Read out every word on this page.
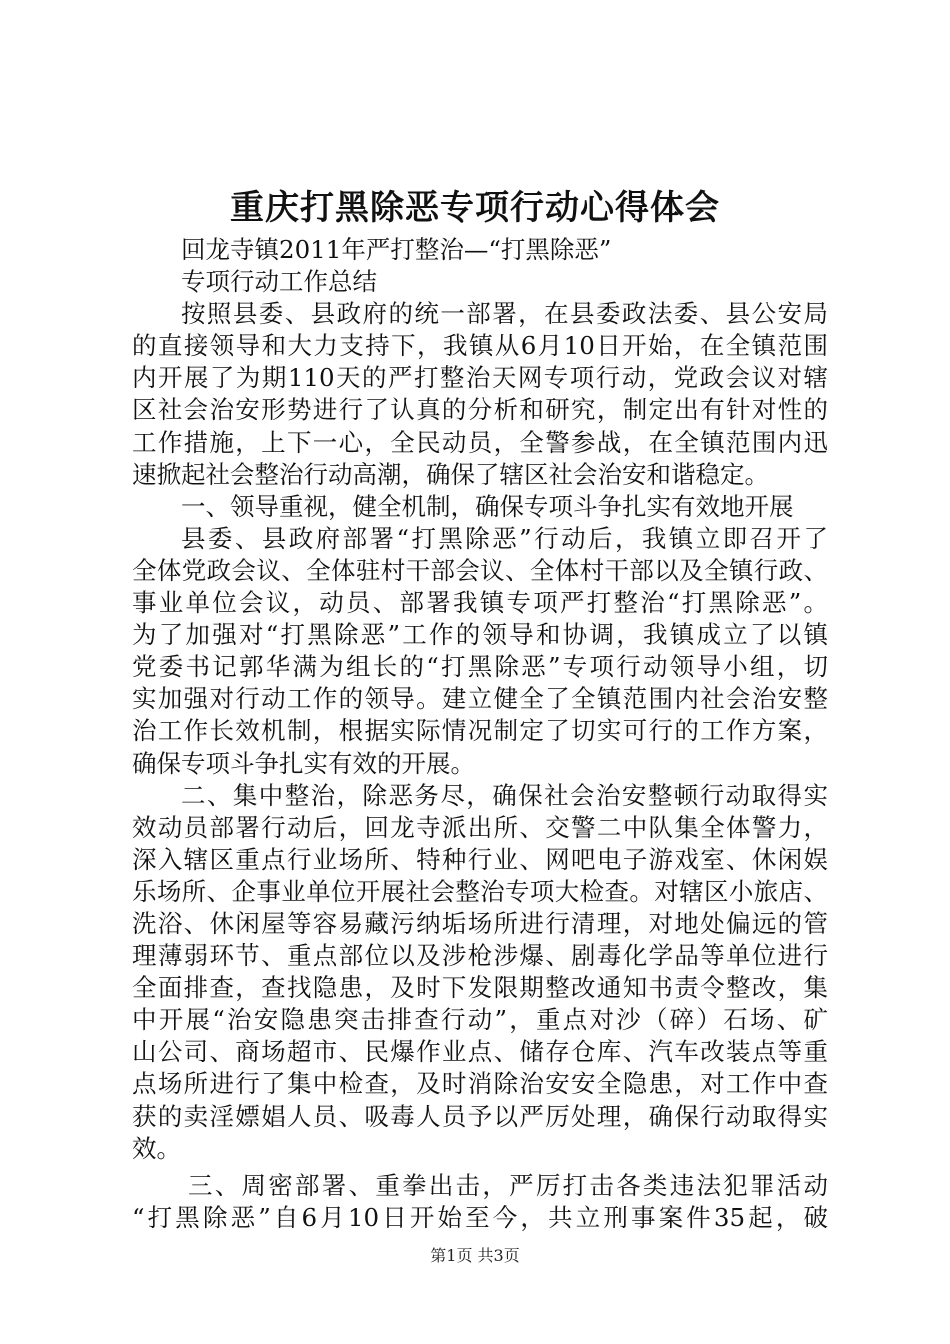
重庆打黑除恶专项行动心得体会
回龙寺镇2011年严打整治—“打黑除恶”
专项行动工作总结
按照县委、县政府的统一部署，在县委政法委、县公安局
的直接领导和大力支持下，我镇从6月10日开始，在全镇范围
内开展了为期110天的严打整治天网专项行动，党政会议对辖
区社会治安形势进行了认真的分析和研究，制定出有针对性的
工作措施，上下一心，全民动员，全警参战，在全镇范围内迅
速掀起社会整治行动高潮，确保了辖区社会治安和谐稳定。
一、领导重视，健全机制，确保专项斗争扎实有效地开展
县委、县政府部署“打黑除恶”行动后，我镇立即召开了
全体党政会议、全体驻村干部会议、全体村干部以及全镇行政、
事业单位会议，动员、部署我镇专项严打整治“打黑除恶”。
为了加强对“打黑除恶”工作的领导和协调，我镇成立了以镇
党委书记郭华满为组长的“打黑除恶”专项行动领导小组，切
实加强对行动工作的领导。建立健全了全镇范围内社会治安整
治工作长效机制，根据实际情况制定了切实可行的工作方案，
确保专项斗争扎实有效的开展。
二、集中整治，除恶务尽，确保社会治安整顿行动取得实
效动员部署行动后，回龙寺派出所、交警二中队集全体警力，
深入辖区重点行业场所、特种行业、网吧电子游戏室、休闲娱
乐场所、企事业单位开展社会整治专项大检查。对辖区小旅店、
洗浴、休闲屋等容易藏污纳垢场所进行清理，对地处偏远的管
理薄弱环节、重点部位以及涉枪涉爆、剧毒化学品等单位进行
全面排查，查找隐患，及时下发限期整改通知书责令整改，集
中开展“治安隐患突击排查行动”，重点对沙（碎）石场、矿
山公司、商场超市、民爆作业点、储存仓库、汽车改装点等重
点场所进行了集中检查，及时消除治安安全隐患，对工作中查
获的卖淫嫖娼人员、吸毒人员予以严厉处理，确保行动取得实
效。
三、周密部署、重拳出击，严厉打击各类违法犯罪活动
“打黑除恶”自6月10日开始至今，共立刑事案件35起，破
第1页 共3页
